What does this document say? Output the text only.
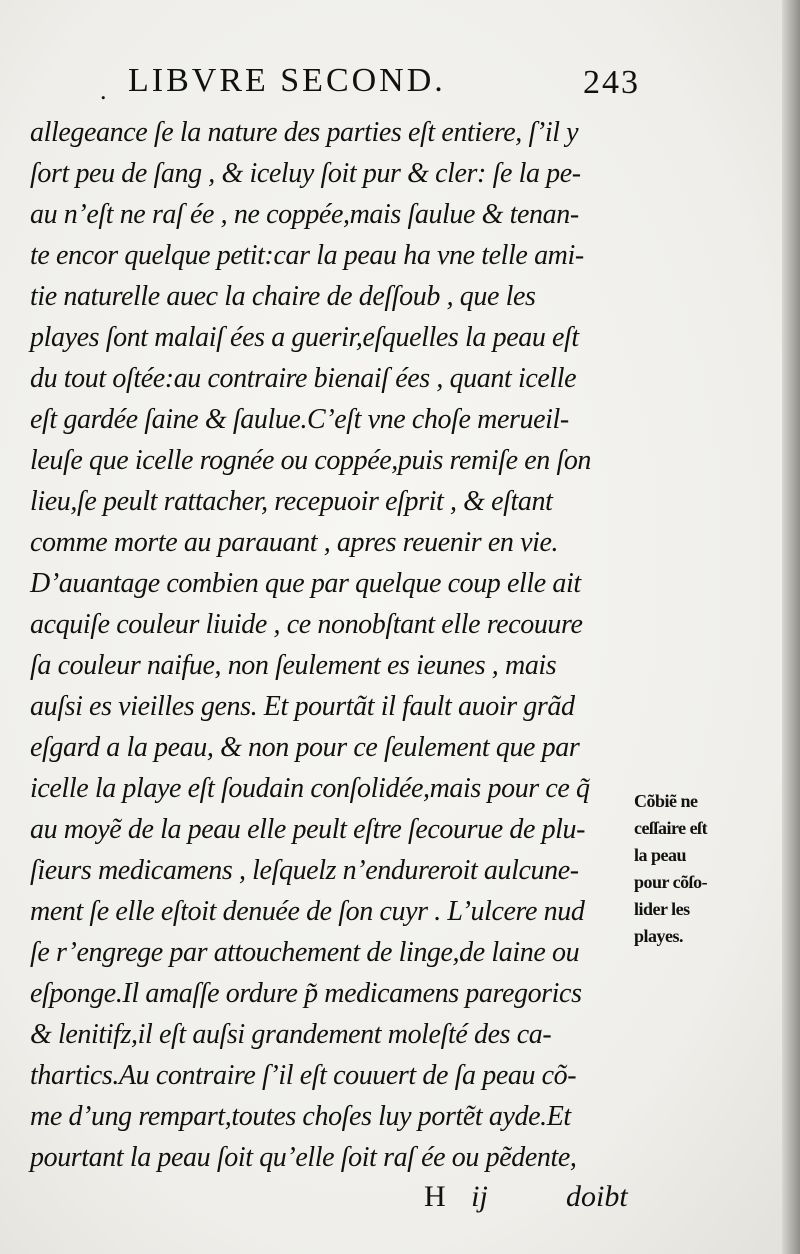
. LIBVRE SECOND.	243
allegeance ſe la nature des parties eſt entiere, ſ’il y
ſort peu de ſang , & iceluy ſoit pur & cler: ſe la pe-
au n’eſt ne raſ ée , ne coppée,mais ſaulue & tenan-
te encor quelque petit:car la peau ha vne telle ami-
tie naturelle auec la chaire de deſſoub , que les
playes ſont malaiſ ées a guerir,eſquelles la peau eſt
du tout oſtée:au contraire bienaiſ ées , quant icelle
eſt gardée ſaine & ſaulue.C’eſt vne choſe merueil-
leuſe que icelle rognée ou coppée,puis remiſe en ſon
lieu,ſe peult rattacher, recepuoir eſprit , & eſtant
comme morte au parauant , apres reuenir en vie.
D’auantage combien que par quelque coup elle ait
acquiſe couleur liuide , ce nonobſtant elle recouure
ſa couleur naifue, non ſeulement es ieunes , mais
auſsi es vieilles gens. Et pourtãt il fault auoir grãd
eſgard a la peau, & non pour ce ſeulement que par
icelle la playe eſt ſoudain conſolidée,mais pour ce q̃
au moyẽ de la peau elle peult eſtre ſecourue de plu-
ſieurs medicamens , leſquelz n’endureroit aulcune-
ment ſe elle eſtoit denuée de ſon cuyr . L’ulcere nud
ſe r’engrege par attouchement de linge,de laine ou
eſponge.Il amaſſe ordure p̃ medicamens paregorics
& lenitifz,il eſt auſsi grandement moleſté des ca-
thartics.Au contraire ſ’il eſt couuert de ſa peau cõ-
me d’ung rempart,toutes choſes luy portẽt ayde.Et
pourtant la peau ſoit qu’elle ſoit raſ ée ou pẽdente,
Cõbiẽ ne
ceſſaire eſt
la peau
pour cõſo-
lider les
playes.
H ij	doibt
